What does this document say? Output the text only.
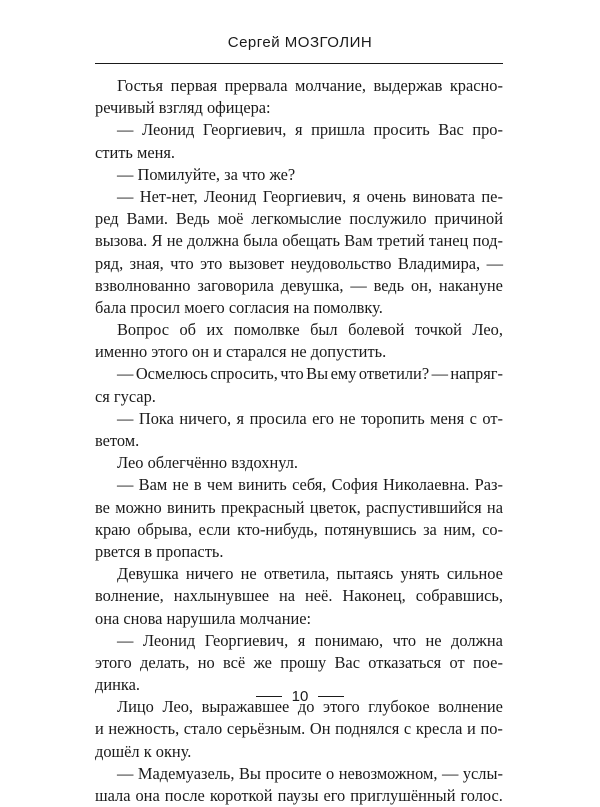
Сергей МОЗГОЛИН
Гостья первая прервала молчание, выдержав красно-
речивый взгляд офицера:
— Леонид Георгиевич, я пришла просить Вас про-
стить меня.
— Помилуйте, за что же?
— Нет-нет, Леонид Георгиевич, я очень виновата пе-
ред Вами. Ведь моё легкомыслие послужило причиной
вызова. Я не должна была обещать Вам третий танец под-
ряд, зная, что это вызовет неудовольство Владимира, —
взволнованно заговорила девушка, — ведь он, накануне
бала просил моего согласия на помолвку.
Вопрос об их помолвке был болевой точкой Лео,
именно этого он и старался не допустить.
— Осмелюсь спросить, что Вы ему ответили? — напряг-
ся гусар.
— Пока ничего, я просила его не торопить меня с от-
ветом.
Лео облегчённо вздохнул.
— Вам не в чем винить себя, София Николаевна. Раз-
ве можно винить прекрасный цветок, распустившийся на
краю обрыва, если кто-нибудь, потянувшись за ним, со-
рвется в пропасть.
Девушка ничего не ответила, пытаясь унять сильное
волнение, нахлынувшее на неё. Наконец, собравшись,
она снова нарушила молчание:
— Леонид Георгиевич, я понимаю, что не должна
этого делать, но всё же прошу Вас отказаться от пое-
динка.
Лицо Лео, выражавшее до этого глубокое волнение
и нежность, стало серьёзным. Он поднялся с кресла и по-
дошёл к окну.
— Мадемуазель, Вы просите о невозможном, — услы-
шала она после короткой паузы его приглушённый голос.
10
